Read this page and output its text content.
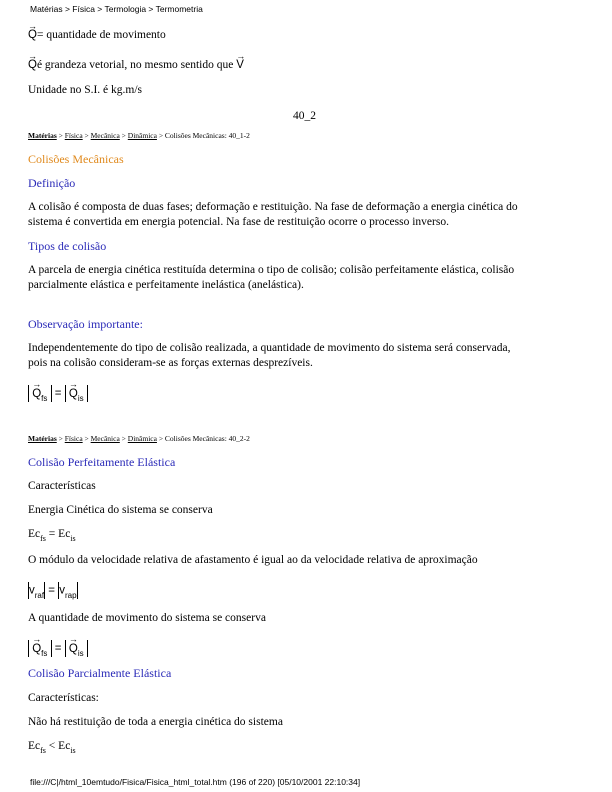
Matérias > Física > Termologia > Termometria
→ Q= quantidade de movimento
→ Qé grandeza vetorial, no mesmo sentido que → V
Unidade no S.I. é kg.m/s
40_2
Matérias > Física > Mecânica > Dinâmica > Colisões Mecânicas: 40_1-2
Colisões Mecânicas
Definição
A colisão é composta de duas fases; deformação e restituição. Na fase de deformação a energia cinética do
sistema é convertida em energia potencial. Na fase de restituição ocorre o processo inverso.
Tipos de colisão
A parcela de energia cinética restituída determina o tipo de colisão; colisão perfeitamente elástica, colisão
parcialmente elástica e perfeitamente inelástica (anelástica).
Observação importante:
Independentemente do tipo de colisão realizada, a quantidade de movimento do sistema será conservada,
pois na colisão consideram-se as forças externas desprezíveis.
→ $Q_{fs}$  =  → $Q_{is}$
Matérias > Física > Mecânica > Dinâmica > Colisões Mecânicas: 40_2-2
Colisão Perfeitamente Elástica
Características
Energia Cinética do sistema se conserva
$Ec_{fs} = Ec_{is}$
O módulo da velocidade relativa de afastamento é igual ao da velocidade relativa de aproximação
$v_{raf} = v_{rap}$
A quantidade de movimento do sistema se conserva
→ $Q_{fs}$  =  → $Q_{is}$
Colisão Parcialmente Elástica
Características:
Não há restituição de toda a energia cinética do sistema
$Ec_{fs} < Ec_{is}$
file:///C|/html_10emtudo/Fisica/Fisica_html_total.htm (196 of 220) [05/10/2001 22:10:34]
